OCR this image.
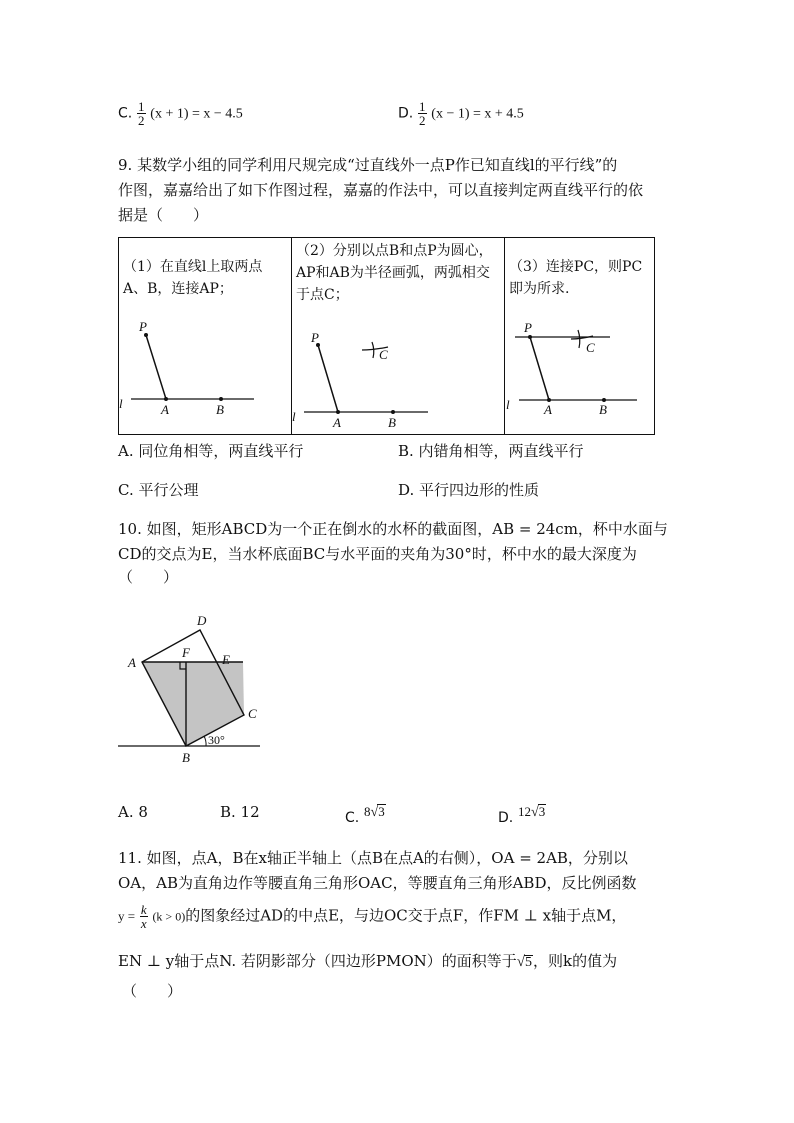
C. $\frac{1}{2} (x + 1) = x - 4.5$	D. $\frac{1}{2} (x - 1) = x + 4.5$
9. 某数学小组的同学利用尺规完成“过直线外一点P作已知直线l的平行线”的
作图，嘉嘉给出了如下作图过程，嘉嘉的作法中，可以直接判定两直线平行的依
据是（　　）
（1）在直线l上取两点
A、B，连接AP；
P
l	A	B
（2）分别以点B和点P为圆心，
AP和AB为半径画弧，两弧相交
于点C；
P
l	A	B
C
（3）连接PC，则PC
即为所求.
P
l	A	B
C
A. 同位角相等，两直线平行	B. 内错角相等，两直线平行
C. 平行公理	D. 平行四边形的性质
10. 如图，矩形ABCD为一个正在倒水的水杯的截面图，AB = 24cm，杯中水面与
CD的交点为E，当水杯底面BC与水平面的夹角为30°时，杯中水的最大深度为
（　　）
A
B
C
D
E
F
30°
A. 8	B. 12	C. 8√3	D. 12√3
11. 如图，点A，B在x轴正半轴上（点B在点A的右侧），OA = 2AB，分别以
OA，AB为直角边作等腰直角三角形OAC，等腰直角三角形ABD，反比例函数
$y = \frac{k}{x} (k > 0)$的图象经过AD的中点E，与边OC交于点F，作FM ⊥ x轴于点M，
EN ⊥ y轴于点N. 若阴影部分（四边形PMON）的面积等于√5，则k的值为
（　　）
